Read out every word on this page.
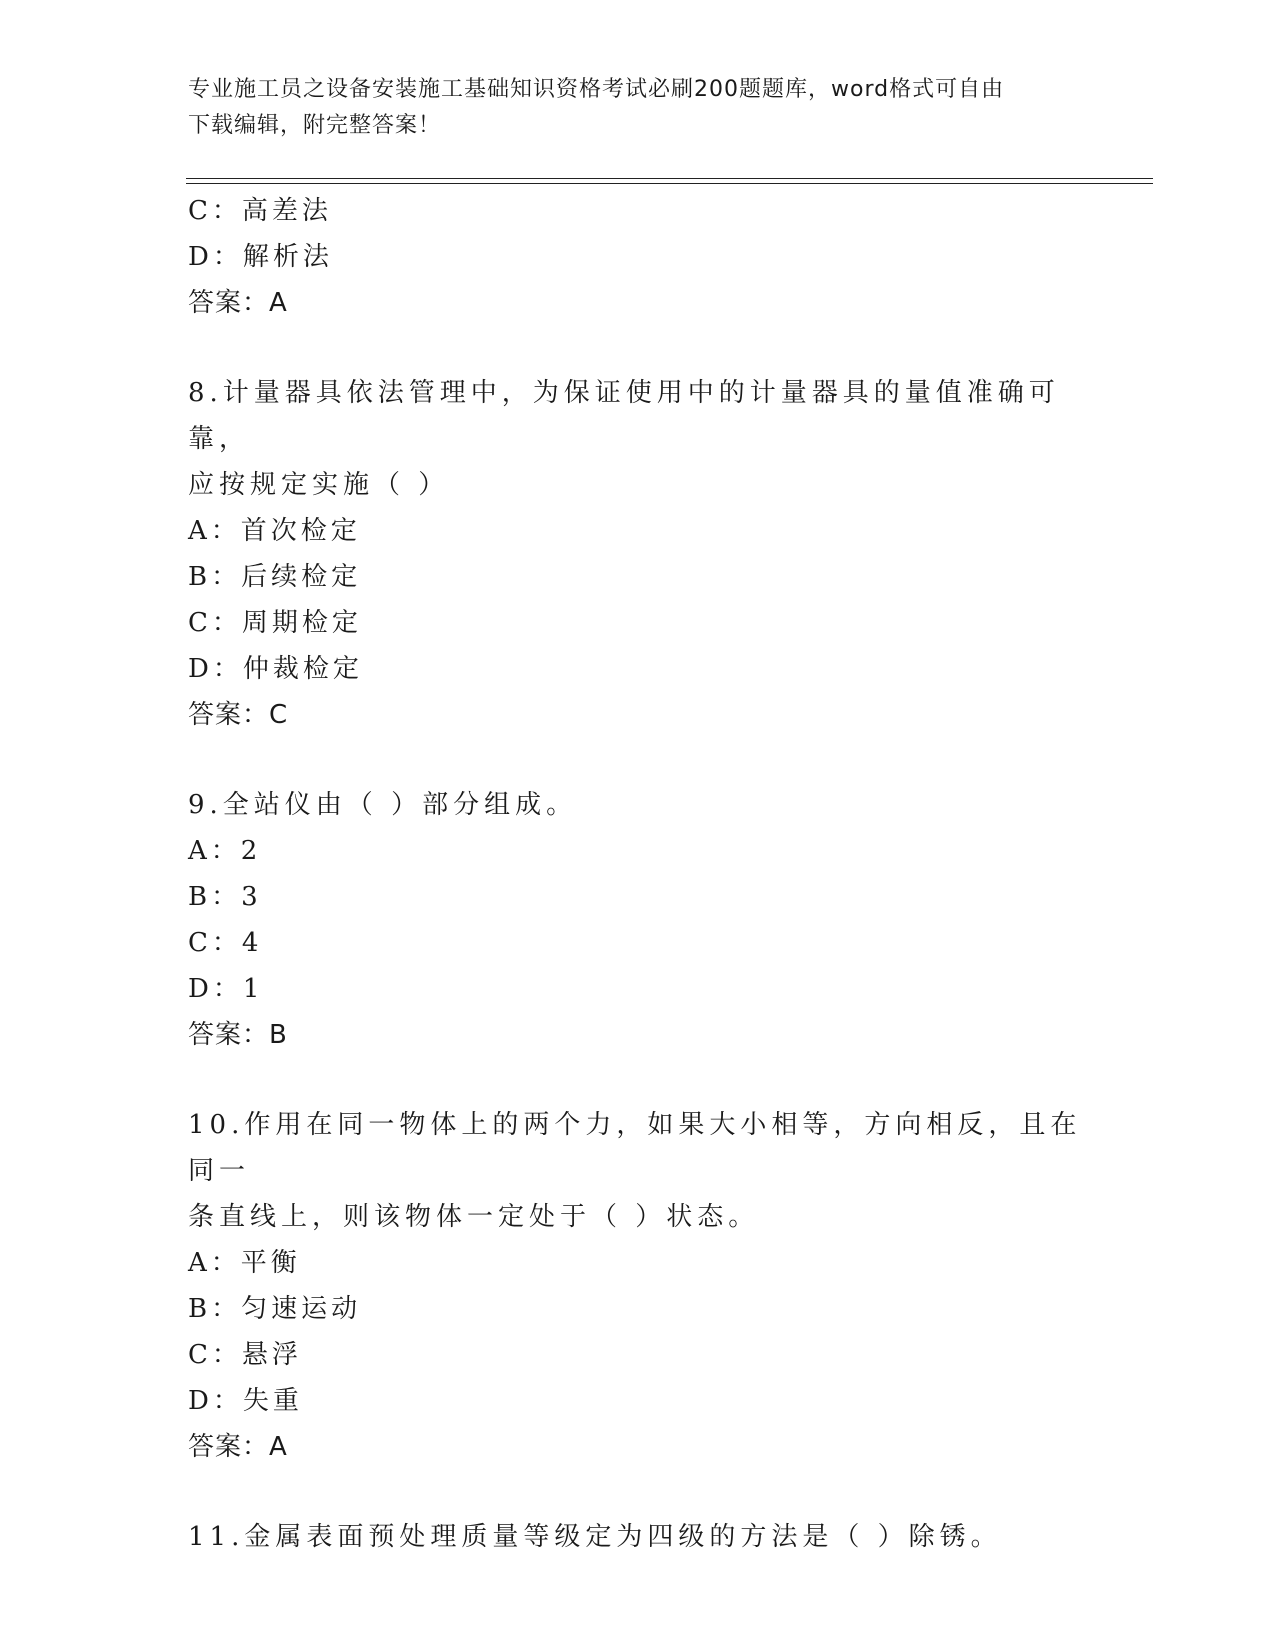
专业施工员之设备安装施工基础知识资格考试必刷200题题库，word格式可自由
下载编辑，附完整答案！
C：高差法
D：解析法
答案：A
8.计量器具依法管理中，为保证使用中的计量器具的量值准确可靠，
应按规定实施（ ）
A：首次检定
B：后续检定
C：周期检定
D：仲裁检定
答案：C
9.全站仪由（ ）部分组成。
A：2
B：3
C：4
D：1
答案：B
10.作用在同一物体上的两个力，如果大小相等，方向相反，且在同一
条直线上，则该物体一定处于（ ）状态。
A：平衡
B：匀速运动
C：悬浮
D：失重
答案：A
11.金属表面预处理质量等级定为四级的方法是（ ）除锈。
